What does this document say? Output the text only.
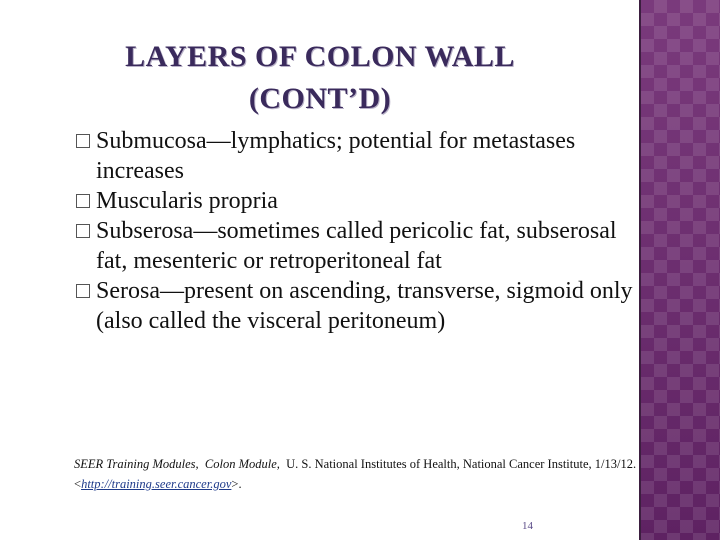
LAYERS OF COLON WALL
(CONT’D)
Submucosa—lymphatics; potential for metastases increases
Muscularis propria
Subserosa—sometimes called pericolic fat, subserosal fat, mesenteric or retroperitoneal fat
Serosa—present on ascending, transverse, sigmoid only (also called the visceral peritoneum)
SEER Training Modules, Colon Module, U. S. National Institutes of Health, National Cancer Institute, 1/13/12.  <http://training.seer.cancer.gov>.
14
